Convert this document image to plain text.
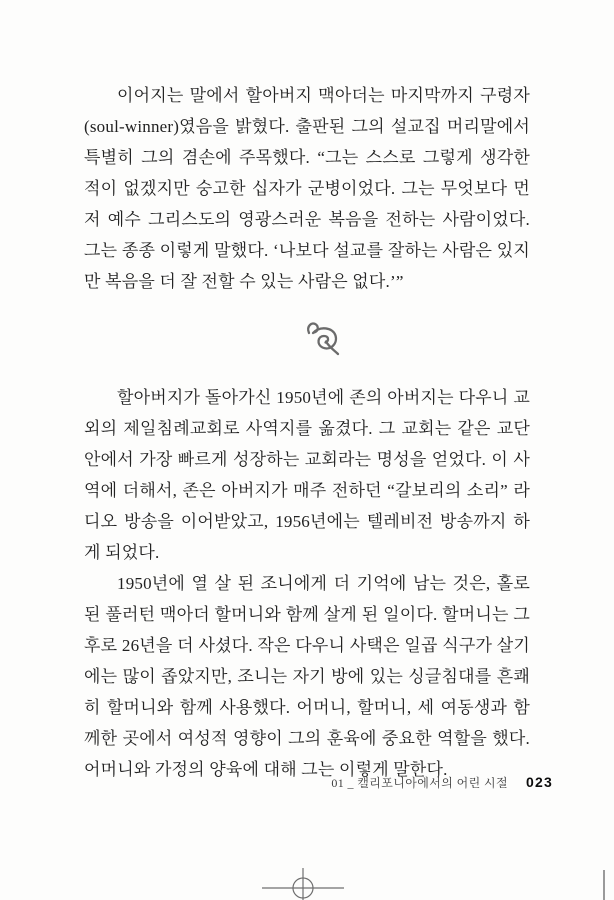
이어지는 말에서 할아버지 맥아더는 마지막까지 구령자(soul-winner)였음을 밝혔다. 출판된 그의 설교집 머리말에서 특별히 그의 겸손에 주목했다. “그는 스스로 그렇게 생각한 적이 없겠지만 숭고한 십자가 군병이었다. 그는 무엇보다 먼저 예수 그리스도의 영광스러운 복음을 전하는 사람이었다. 그는 종종 이렇게 말했다. ‘나보다 설교를 잘하는 사람은 있지만 복음을 더 잘 전할 수 있는 사람은 없다.’”

할아버지가 돌아가신 1950년에 존의 아버지는 다우니 교외의 제일침례교회로 사역지를 옮겼다. 그 교회는 같은 교단 안에서 가장 빠르게 성장하는 교회라는 명성을 얻었다. 이 사역에 더해서, 존은 아버지가 매주 전하던 “갈보리의 소리” 라디오 방송을 이어받았고, 1956년에는 텔레비전 방송까지 하게 되었다.

1950년에 열 살 된 조니에게 더 기억에 남는 것은, 홀로 된 풀러턴 맥아더 할머니와 함께 살게 된 일이다. 할머니는 그 후로 26년을 더 사셨다. 작은 다우니 사택은 일곱 식구가 살기에는 많이 좁았지만, 조니는 자기 방에 있는 싱글침대를 흔쾌히 할머니와 함께 사용했다. 어머니, 할머니, 세 여동생과 함께한 곳에서 여성적 영향이 그의 훈육에 중요한 역할을 했다. 어머니와 가정의 양육에 대해 그는 이렇게 말한다.

01 _ 캘리포니아에서의 어린 시절 023
